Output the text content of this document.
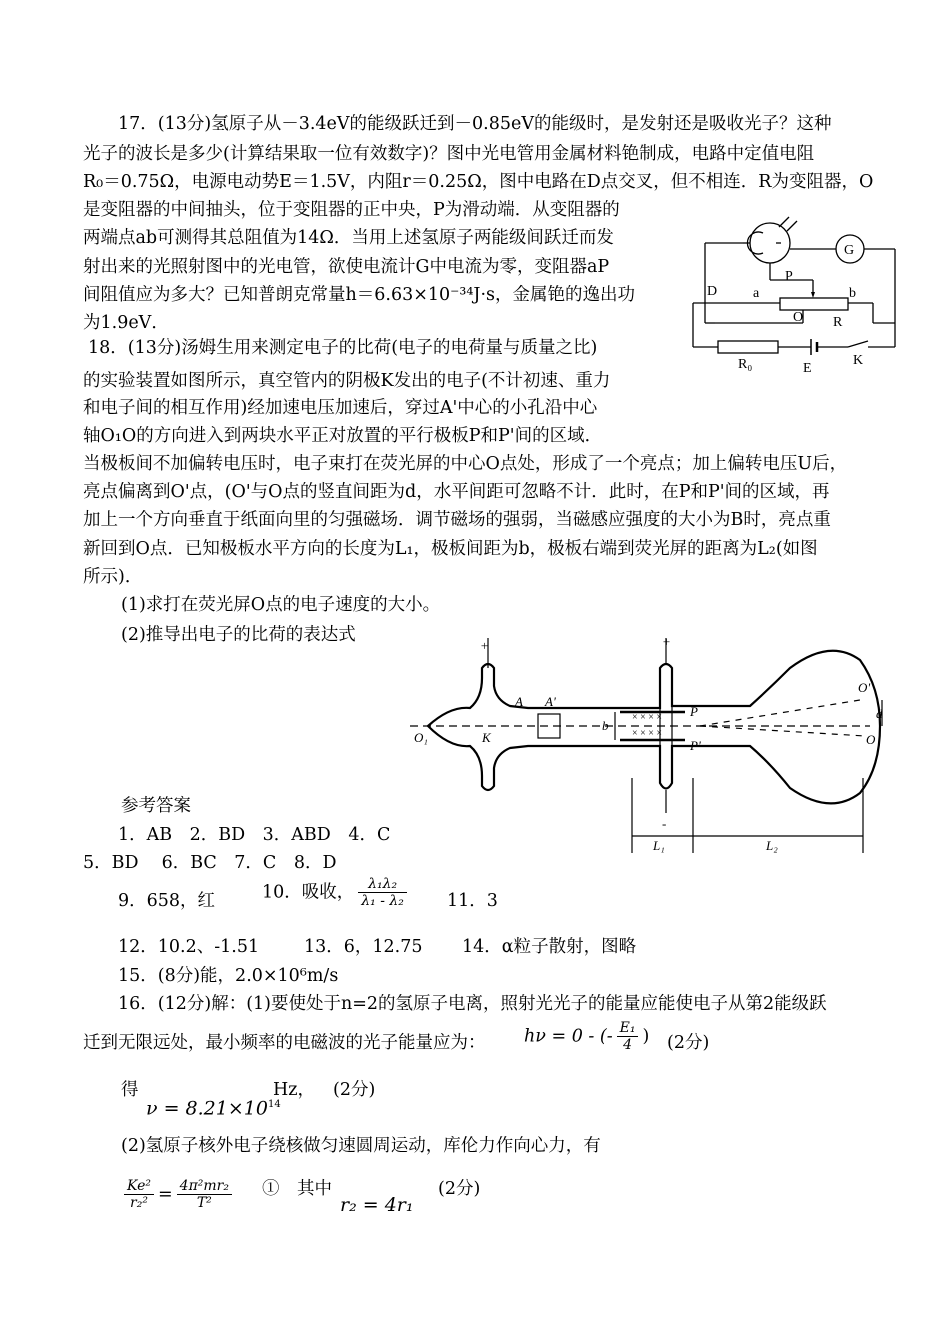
17．(13分)氢原子从－3.4eV的能级跃迁到－0.85eV的能级时，是发射还是吸收光子？这种
光子的波长是多少(计算结果取一位有效数字)？图中光电管用金属材料铯制成，电路中定值电阻
R₀＝0.75Ω，电源电动势E＝1.5V，内阻r＝0.25Ω，图中电路在D点交叉，但不相连．R为变阻器，O
是变阻器的中间抽头，位于变阻器的正中央，P为滑动端．从变阻器的
两端点ab可测得其总阻值为14Ω．当用上述氢原子两能级间跃迁而发
射出来的光照射图中的光电管，欲使电流计G中电流为零，变阻器aP
间阻值应为多大？已知普朗克常量h＝6.63×10⁻³⁴J·s，金属铯的逸出功
为1.9eV．
G
P
D	a	b
O R
R₀	E
K
18．(13分)汤姆生用来测定电子的比荷(电子的电荷量与质量之比)
的实验装置如图所示，真空管内的阴极K发出的电子(不计初速、重力
和电子间的相互作用)经加速电压加速后，穿过A'中心的小孔沿中心
轴O₁O的方向进入到两块水平正对放置的平行极板P和P'间的区域．
当极板间不加偏转电压时，电子束打在荧光屏的中心O点处，形成了一个亮点；加上偏转电压U后，
亮点偏离到O'点，(O'与O点的竖直间距为d，水平间距可忽略不计．此时，在P和P'间的区域，再
加上一个方向垂直于纸面向里的匀强磁场．调节磁场的强弱，当磁感应强度的大小为B时，亮点重
新回到O点．已知极板水平方向的长度为L₁，极板间距为b，极板右端到荧光屏的距离为L₂(如图
所示)．
(1)求打在荧光屏O点的电子速度的大小。
(2)推导出电子的比荷的表达式
× × × ×
× × × ×
+	+
-
A A'
K
O₁
b
P
P'
O'
O
d
L₁	L₂
参考答案
1．AB　2．BD　3．ABD　4．C
5．BD　 6．BC　7．C　8．D
9．658，红	10．吸收， $\frac{\text{λ₁λ₂}}{\text{λ₁ - λ₂}} 11$．3
12．10.2、-1.51	13．6，12.75 14．α粒子散射，图略
15．(8分)能，2.0×10⁶m/s
16．(12分)解：(1)要使处于n=2的氢原子电离，照射光光子的能量应能使电子从第2能级跃
迁到无限远处，最小频率的电磁波的光子能量应为： hν = 0 - (- $\frac{\text{E₁}}{4}$ ) (2分)
得
$\nu = 8.21\times 10^{14}$
Hz， (2分)
(2)氢原子核外电子绕核做匀速圆周运动，库伦力作向心力，有
$\frac{\text{Ke²}}{\text{r₂²}} = \frac{\text{4π²mr₂}}{\text{T²}}$ ①　其中
r₂ = 4r₁
(2分)
